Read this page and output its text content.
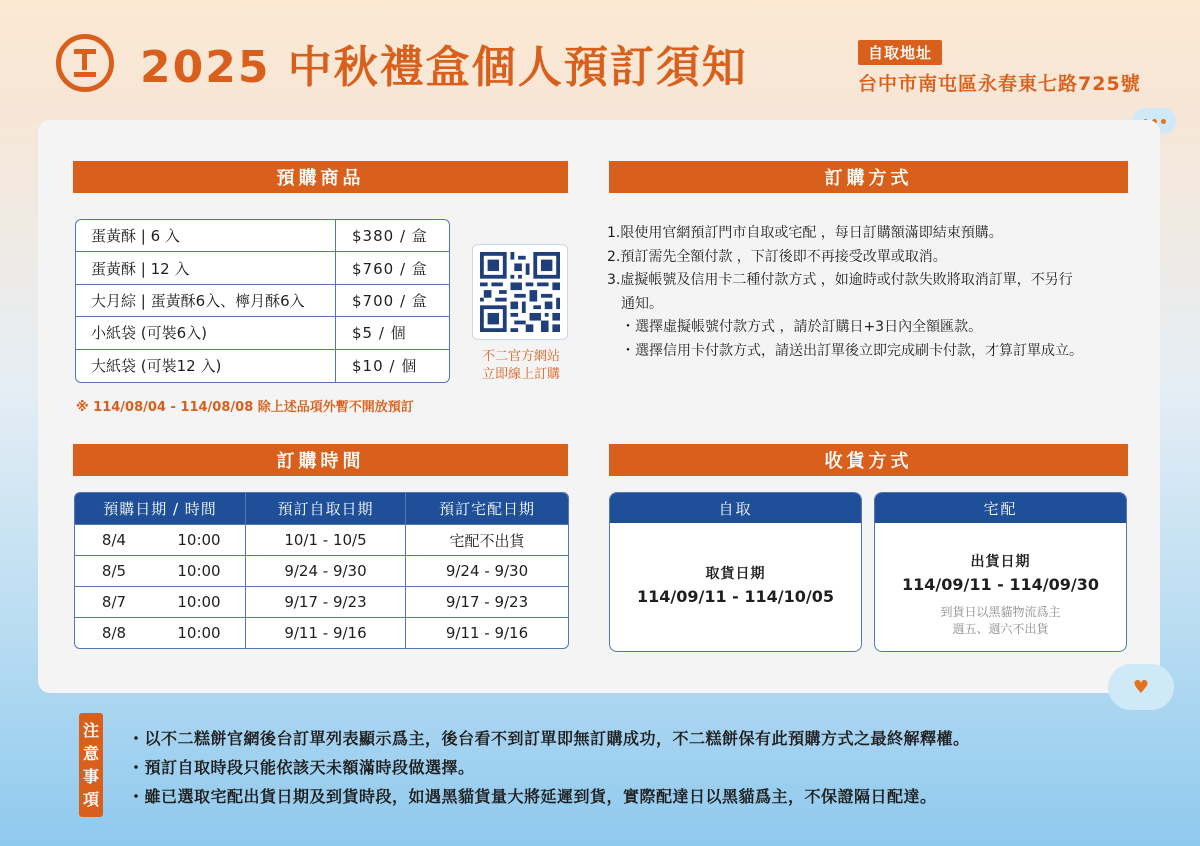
2025 中秋禮盒個人預訂須知	自取地址
台中市南屯區永春東七路725號
預購商品	訂購方式
訂購時間	收貨方式
蛋黃酥 | 6 入	$380 / 盒
蛋黃酥 | 12 入	$760 / 盒
大月綜 | 蛋黃酥6入、檸月酥6入	$700 / 盒
小紙袋 (可裝6入)	$5 / 個
大紙袋 (可裝12 入)	$10 / 個
不二官方網站
立即線上訂購
※ 114/08/04 - 114/08/08 除上述品項外暫不開放預訂
1.限使用官網預訂門市自取或宅配 ，每日訂購額滿即結束預購。
2.預訂需先全額付款 ，下訂後即不再接受改單或取消。
3.虛擬帳號及信用卡二種付款方式 ，如逾時或付款失敗將取消訂單，不另行
通知。
・選擇虛擬帳號付款方式 ，請於訂購日+3日內全額匯款。
・選擇信用卡付款方式，請送出訂單後立即完成刷卡付款，才算訂單成立。
預購日期 / 時間	預訂自取日期	預訂宅配日期
8/4	10:00	10/1 - 10/5	宅配不出貨
8/5	10:00	9/24 - 9/30	9/24 - 9/30
8/7	10:00	9/17 - 9/23	9/17 - 9/23
8/8	10:00	9/11 - 9/16	9/11 - 9/16
自取
取貨日期
114/09/11 - 114/10/05
宅配
出貨日期
114/09/11 - 114/09/30
到貨日以黑貓物流爲主
週五、週六不出貨
♥
注
意
事
項
・以不二糕餅官網後台訂單列表顯示爲主，後台看不到訂單即無訂購成功，不二糕餅保有此預購方式之最終解釋權。
・預訂自取時段只能依該天未額滿時段做選擇。
・雖已選取宅配出貨日期及到貨時段，如遇黑貓貨量大將延遲到貨，實際配達日以黑貓爲主，不保證隔日配達。
